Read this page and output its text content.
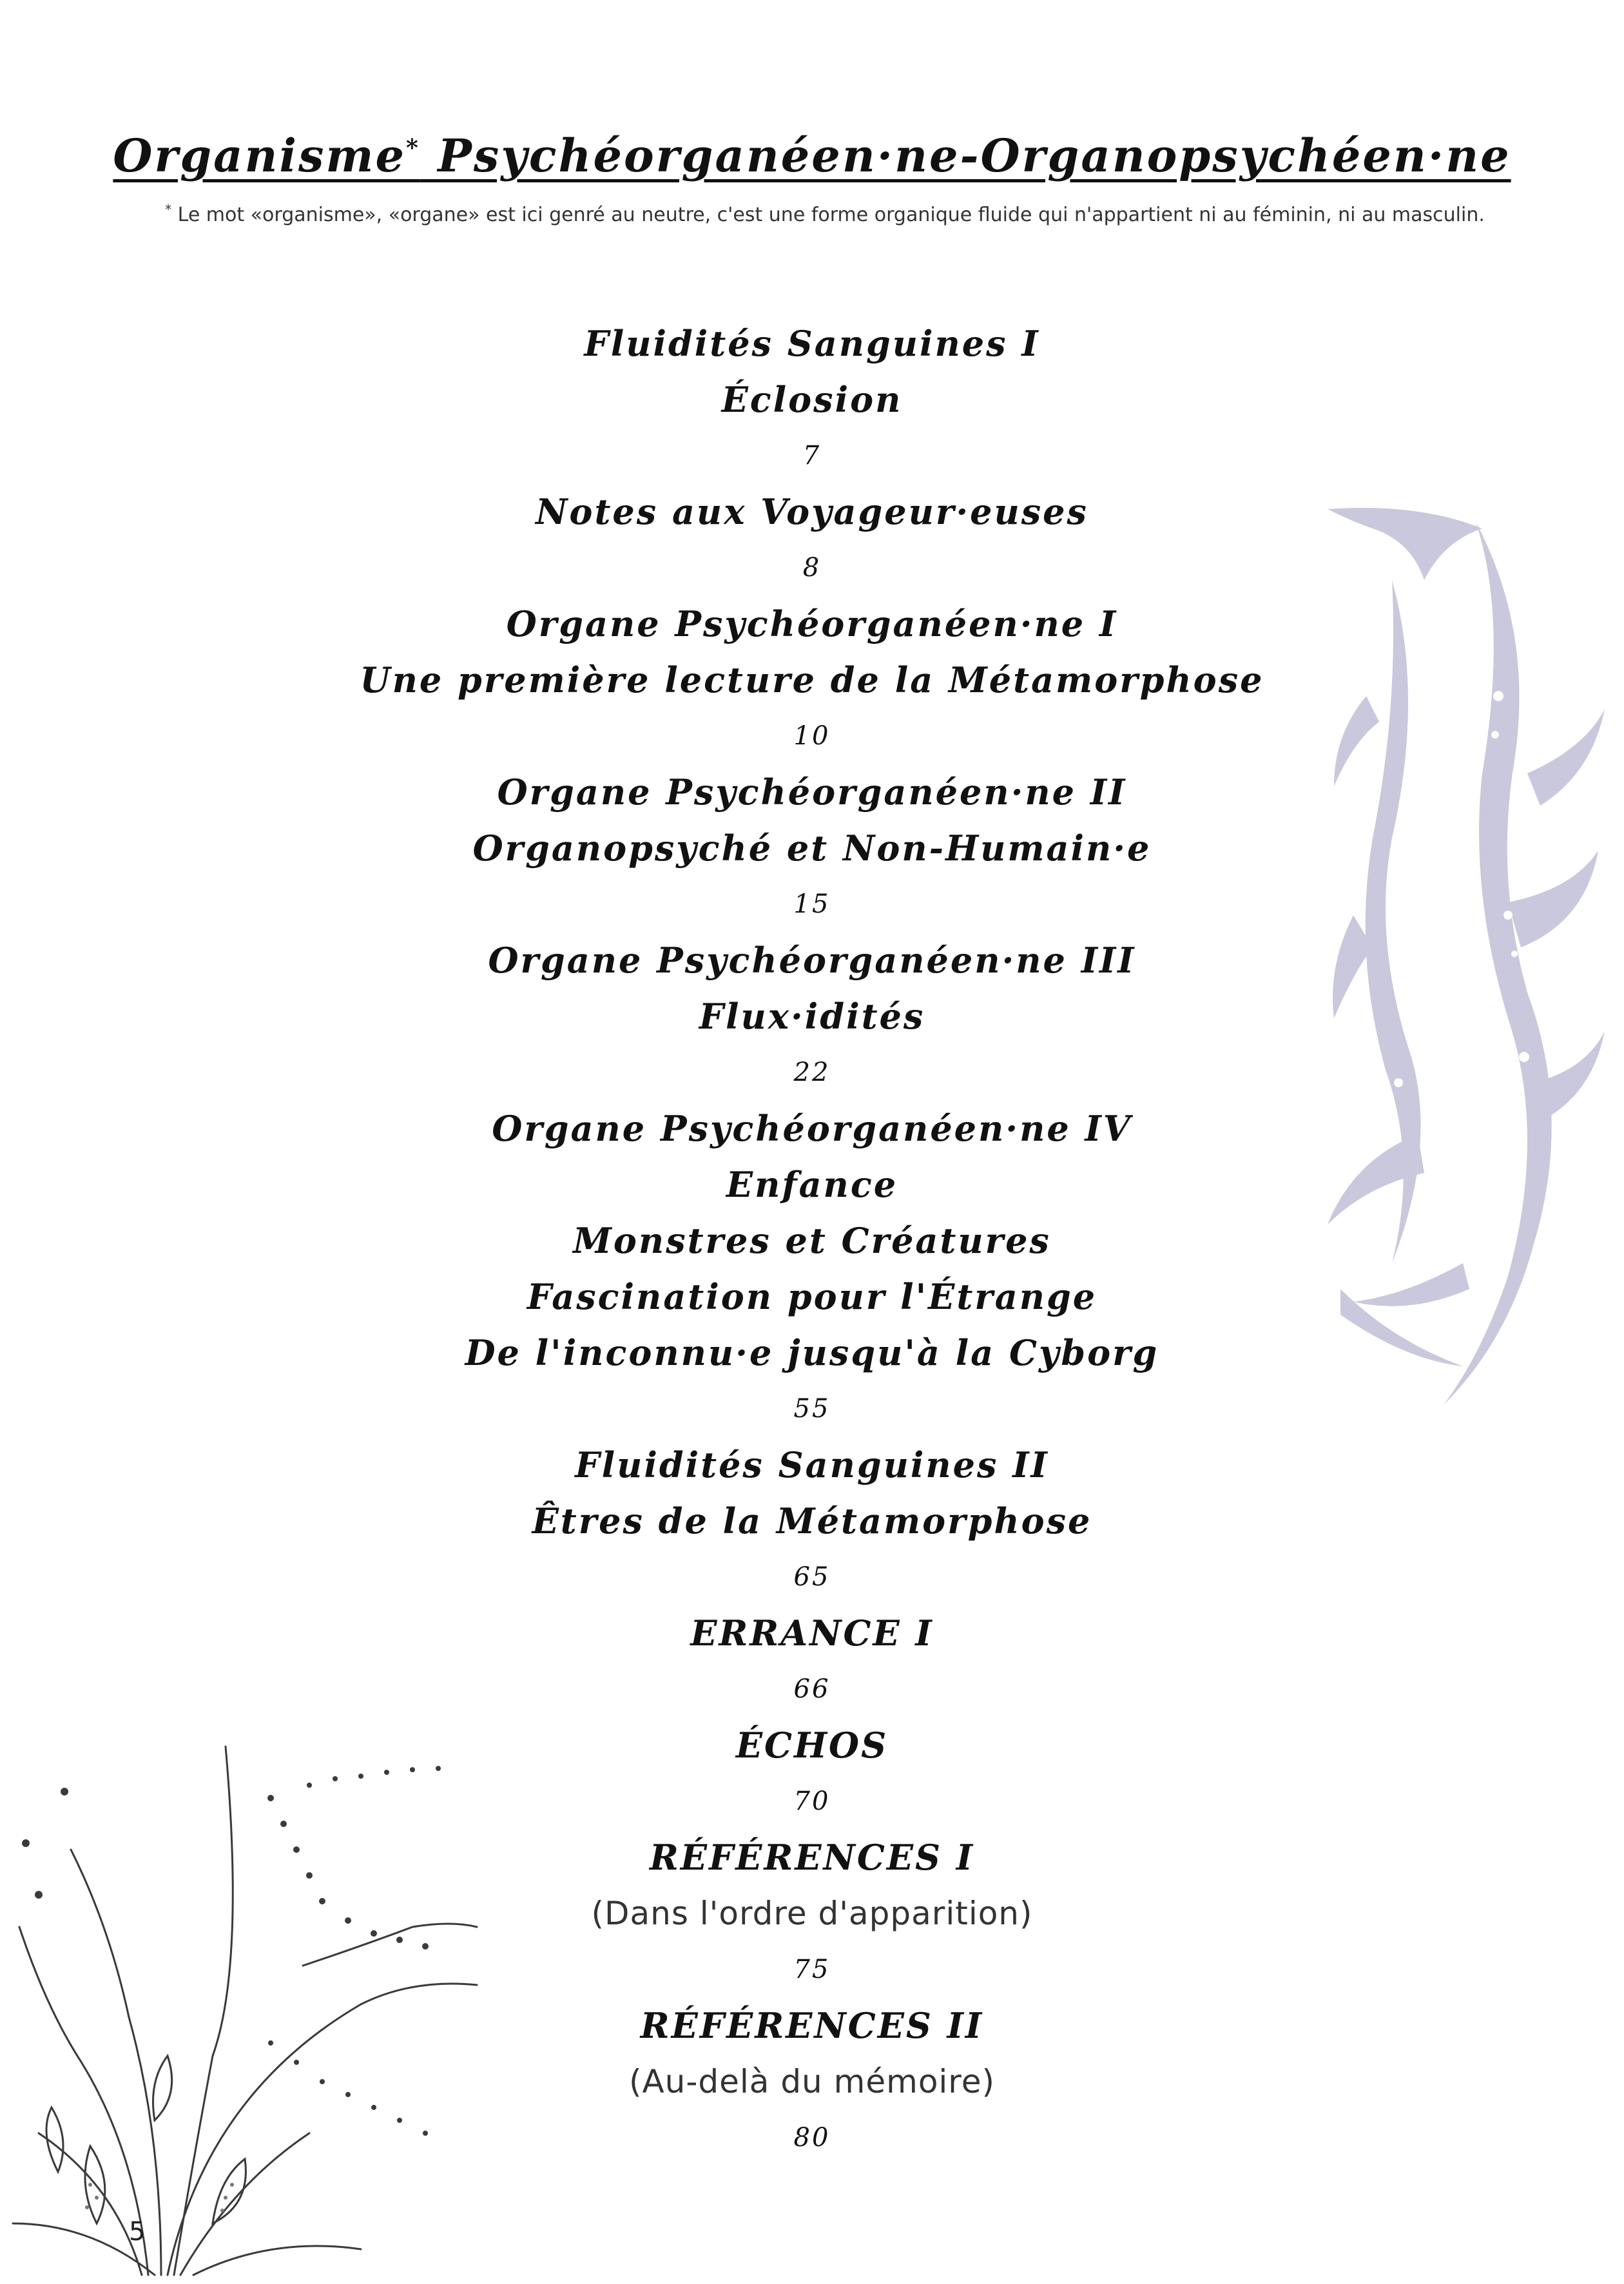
Organisme* Psychéorganéen·ne-Organopsychéen·ne
* Le mot «organisme», «organe» est ici genré au neutre, c'est une forme organique fluide qui n'appartient ni au féminin, ni au masculin.
Fluidités Sanguines I
Éclosion
7
Notes aux Voyageur·euses
8
Organe Psychéorganéen·ne I
Une première lecture de la Métamorphose
10
Organe Psychéorganéen·ne II
Organopsyché et Non-Humain·e
15
Organe Psychéorganéen·ne III
Flux·idités
22
Organe Psychéorganéen·ne IV
Enfance
Monstres et Créatures
Fascination pour l'Étrange
De l'inconnu·e jusqu'à la Cyborg
55
Fluidités Sanguines II
Êtres de la Métamorphose
65
ERRANCE I
66
ÉCHOS
70
RÉFÉRENCES I
(Dans l'ordre d'apparition)
75
RÉFÉRENCES II
(Au-delà du mémoire)
80
5
